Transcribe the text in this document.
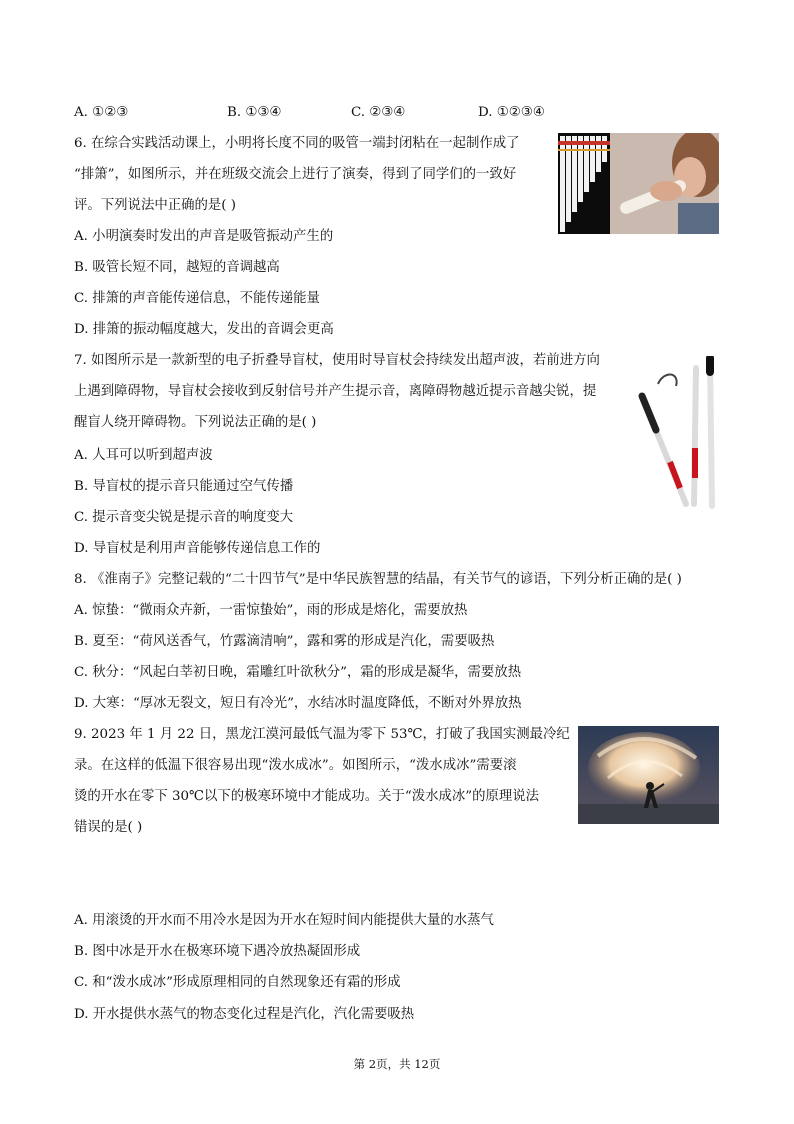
A. ①②③	B. ①③④	C. ②③④	D. ①②③④
6. 在综合实践活动课上，小明将长度不同的吸管一端封闭粘在一起制作成了
“排箫”，如图所示，并在班级交流会上进行了演奏，得到了同学们的一致好
评。下列说法中正确的是( )
A. 小明演奏时发出的声音是吸管振动产生的
B. 吸管长短不同，越短的音调越高
C. 排箫的声音能传递信息，不能传递能量
D. 排箫的振动幅度越大，发出的音调会更高
7. 如图所示是一款新型的电子折叠导盲杖，使用时导盲杖会持续发出超声波，若前进方向
上遇到障碍物，导盲杖会接收到反射信号并产生提示音，离障碍物越近提示音越尖锐，提
醒盲人绕开障碍物。下列说法正确的是( )
A. 人耳可以听到超声波
B. 导盲杖的提示音只能通过空气传播
C. 提示音变尖锐是提示音的响度变大
D. 导盲杖是利用声音能够传递信息工作的
8. 《淮南子》完整记载的“二十四节气”是中华民族智慧的结晶，有关节气的谚语，下列分析正确的是( )
A. 惊蛰：“微雨众卉新，一雷惊蛰始”，雨的形成是熔化，需要放热
B. 夏至：“荷风送香气，竹露滴清响”，露和雾的形成是汽化，需要吸热
C. 秋分：“风起白莘初日晚，霜雕红叶欲秋分”，霜的形成是凝华，需要放热
D. 大寒：“厚冰无裂文，短日有冷光”，水结冰时温度降低，不断对外界放热
9. 2023 年 1 月 22 日，黑龙江漠河最低气温为零下 53℃，打破了我国实测最冷纪
录。在这样的低温下很容易出现“泼水成冰”。如图所示，“泼水成冰”需要滚
烫的开水在零下 30℃以下的极寒环境中才能成功。关于“泼水成冰”的原理说法
错误的是( )
A. 用滚烫的开水而不用冷水是因为开水在短时间内能提供大量的水蒸气
B. 图中冰是开水在极寒环境下遇冷放热凝固形成
C. 和“泼水成冰”形成原理相同的自然现象还有霜的形成
D. 开水提供水蒸气的物态变化过程是汽化，汽化需要吸热
第 2页，共 12页
